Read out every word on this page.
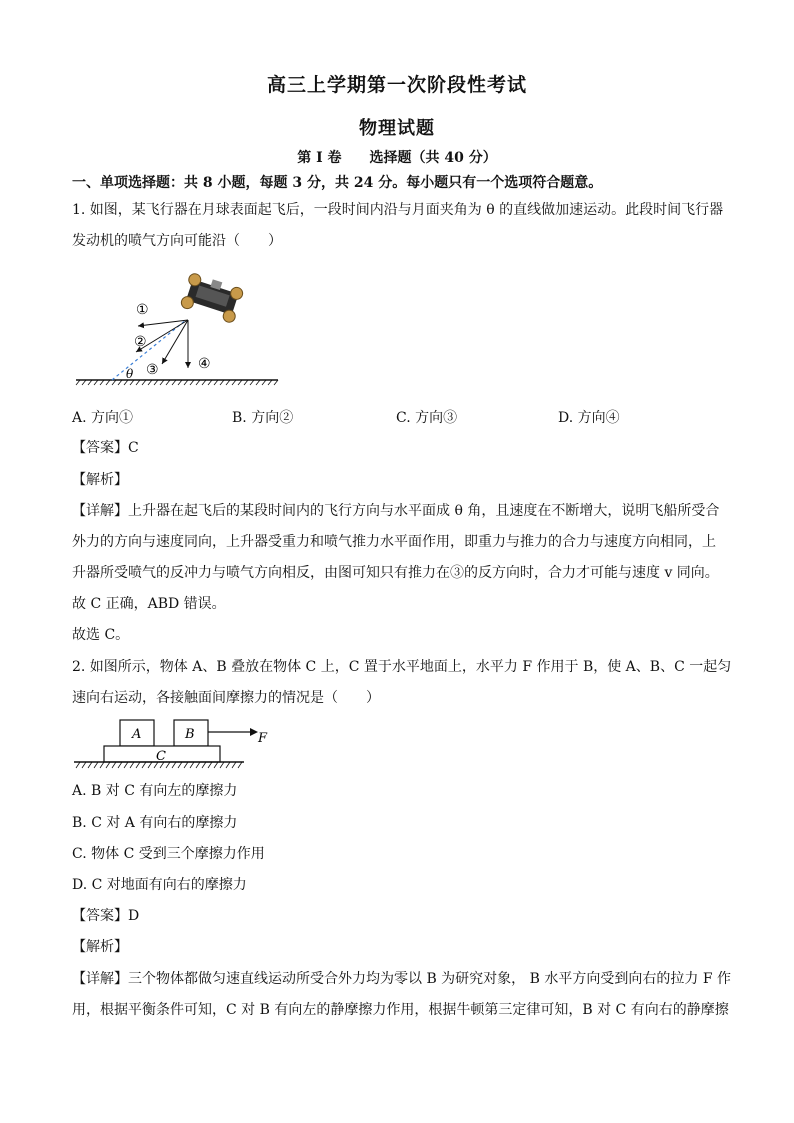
高三上学期第一次阶段性考试
物理试题
第 I 卷　　选择题（共 40 分）
一、单项选择题：共 8 小题，每题 3 分，共 24 分。每小题只有一个选项符合题意。
1. 如图，某飞行器在月球表面起飞后，一段时间内沿与月面夹角为 θ 的直线做加速运动。此段时间飞行器
发动机的喷气方向可能沿（　　）
①
②
③	④
θ
A. 方向①	B. 方向②	C. 方向③	D. 方向④
【答案】C
【解析】
【详解】上升器在起飞后的某段时间内的飞行方向与水平面成 θ 角，且速度在不断增大，说明飞船所受合
外力的方向与速度同向，上升器受重力和喷气推力水平面作用，即重力与推力的合力与速度方向相同，上
升器所受喷气的反冲力与喷气方向相反，由图可知只有推力在③的反方向时，合力才可能与速度 v 同向。
故 C 正确，ABD 错误。
故选 C。
2. 如图所示，物体 A、B 叠放在物体 C 上，C 置于水平地面上，水平力 F 作用于 B，使 A、B、C 一起匀
速向右运动，各接触面间摩擦力的情况是（　　）
A	B
C
F
A. B 对 C 有向左的摩擦力
B. C 对 A 有向右的摩擦力
C. 物体 C 受到三个摩擦力作用
D. C 对地面有向右的摩擦力
【答案】D
【解析】
【详解】三个物体都做匀速直线运动所受合外力均为零以 B 为研究对象， B 水平方向受到向右的拉力 F 作
用，根据平衡条件可知，C 对 B 有向左的静摩擦力作用，根据牛顿第三定律可知，B 对 C 有向右的静摩擦
